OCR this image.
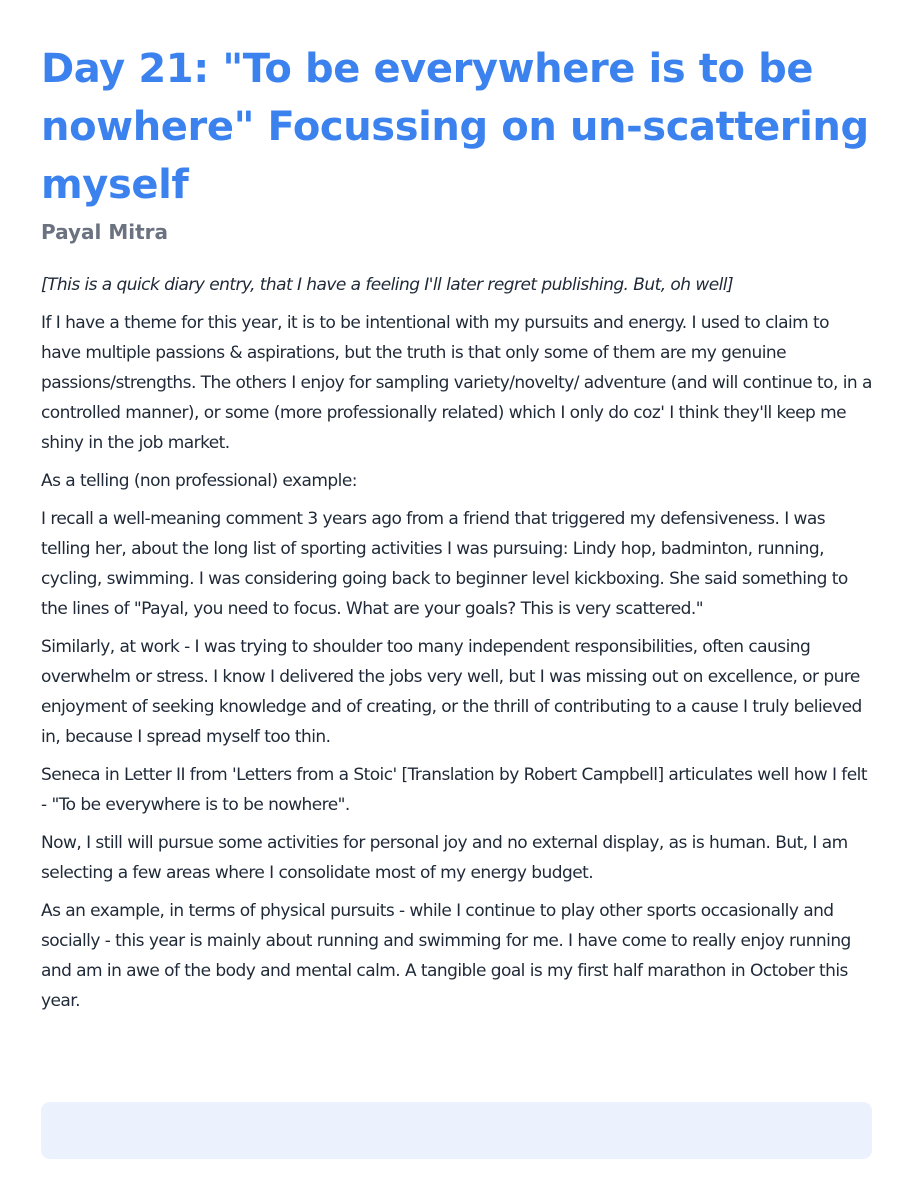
Day 21: "To be everywhere is to be nowhere" Focussing on un-scattering myself
Payal Mitra

[This is a quick diary entry, that I have a feeling I'll later regret publishing. But, oh well]

If I have a theme for this year, it is to be intentional with my pursuits and energy. I used to claim to have multiple passions & aspirations, but the truth is that only some of them are my genuine passions/strengths. The others I enjoy for sampling variety/novelty/ adventure (and will continue to, in a controlled manner), or some (more professionally related) which I only do coz' I think they'll keep me shiny in the job market.

As a telling (non professional) example:

I recall a well-meaning comment 3 years ago from a friend that triggered my defensiveness. I was telling her, about the long list of sporting activities I was pursuing: Lindy hop, badminton, running, cycling, swimming. I was considering going back to beginner level kickboxing. She said something to the lines of "Payal, you need to focus. What are your goals? This is very scattered."

Similarly, at work - I was trying to shoulder too many independent responsibilities, often causing overwhelm or stress. I know I delivered the jobs very well, but I was missing out on excellence, or pure enjoyment of seeking knowledge and of creating, or the thrill of contributing to a cause I truly believed in, because I spread myself too thin.

Seneca in Letter II from 'Letters from a Stoic' [Translation by Robert Campbell] articulates well how I felt - "To be everywhere is to be nowhere".

Now, I still will pursue some activities for personal joy and no external display, as is human. But, I am selecting a few areas where I consolidate most of my energy budget.

As an example, in terms of physical pursuits - while I continue to play other sports occasionally and socially - this year is mainly about running and swimming for me. I have come to really enjoy running and am in awe of the body and mental calm. A tangible goal is my first half marathon in October this year.
